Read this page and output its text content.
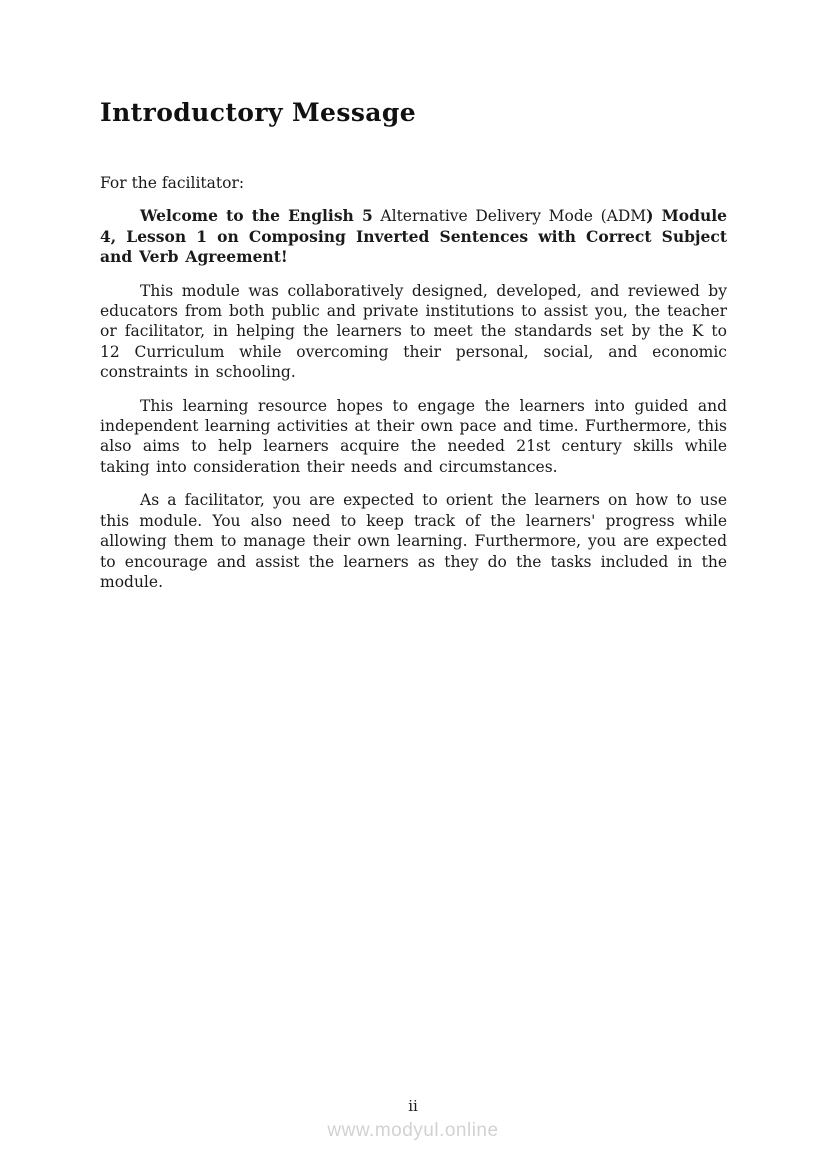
Introductory Message

For the facilitator:

Welcome to the English 5 Alternative Delivery Mode (ADM) Module 4, Lesson 1 on Composing Inverted Sentences with Correct Subject and Verb Agreement!

This module was collaboratively designed, developed, and reviewed by educators from both public and private institutions to assist you, the teacher or facilitator, in helping the learners to meet the standards set by the K to 12 Curriculum while overcoming their personal, social, and economic constraints in schooling.

This learning resource hopes to engage the learners into guided and independent learning activities at their own pace and time. Furthermore, this also aims to help learners acquire the needed 21st century skills while taking into consideration their needs and circumstances.

As a facilitator, you are expected to orient the learners on how to use this module. You also need to keep track of the learners' progress while allowing them to manage their own learning. Furthermore, you are expected to encourage and assist the learners as they do the tasks included in the module.

ii
www.modyul.online
